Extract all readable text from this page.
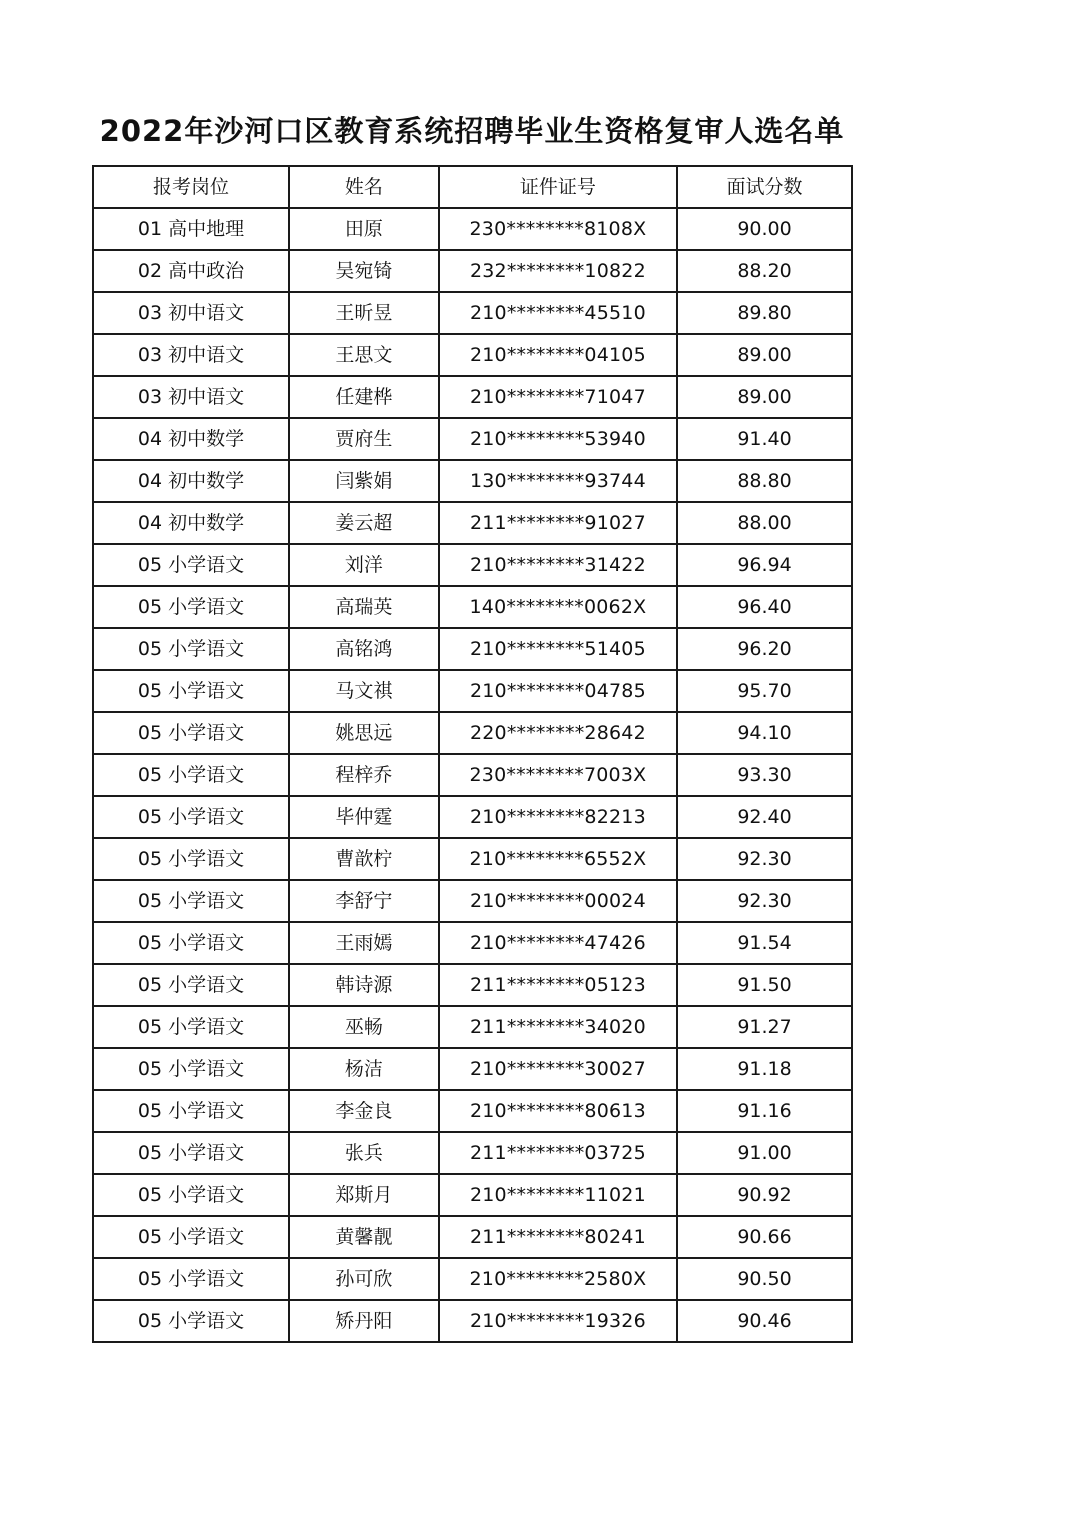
2022年沙河口区教育系统招聘毕业生资格复审人选名单
报考岗位	姓名	证件证号	面试分数
01 高中地理	田原	230********8108X	90.00
02 高中政治	吴宛锜	232********10822	88.20
03 初中语文	王昕昱	210********45510	89.80
03 初中语文	王思文	210********04105	89.00
03 初中语文	任建桦	210********71047	89.00
04 初中数学	贾府生	210********53940	91.40
04 初中数学	闫紫娟	130********93744	88.80
04 初中数学	姜云超	211********91027	88.00
05 小学语文	刘洋	210********31422	96.94
05 小学语文	高瑞英	140********0062X	96.40
05 小学语文	高铭鸿	210********51405	96.20
05 小学语文	马文祺	210********04785	95.70
05 小学语文	姚思远	220********28642	94.10
05 小学语文	程梓乔	230********7003X	93.30
05 小学语文	毕仲霆	210********82213	92.40
05 小学语文	曹歆柠	210********6552X	92.30
05 小学语文	李舒宁	210********00024	92.30
05 小学语文	王雨嫣	210********47426	91.54
05 小学语文	韩诗源	211********05123	91.50
05 小学语文	巫畅	211********34020	91.27
05 小学语文	杨洁	210********30027	91.18
05 小学语文	李金良	210********80613	91.16
05 小学语文	张兵	211********03725	91.00
05 小学语文	郑斯月	210********11021	90.92
05 小学语文	黄馨靓	211********80241	90.66
05 小学语文	孙可欣	210********2580X	90.50
05 小学语文	矫丹阳	210********19326	90.46
